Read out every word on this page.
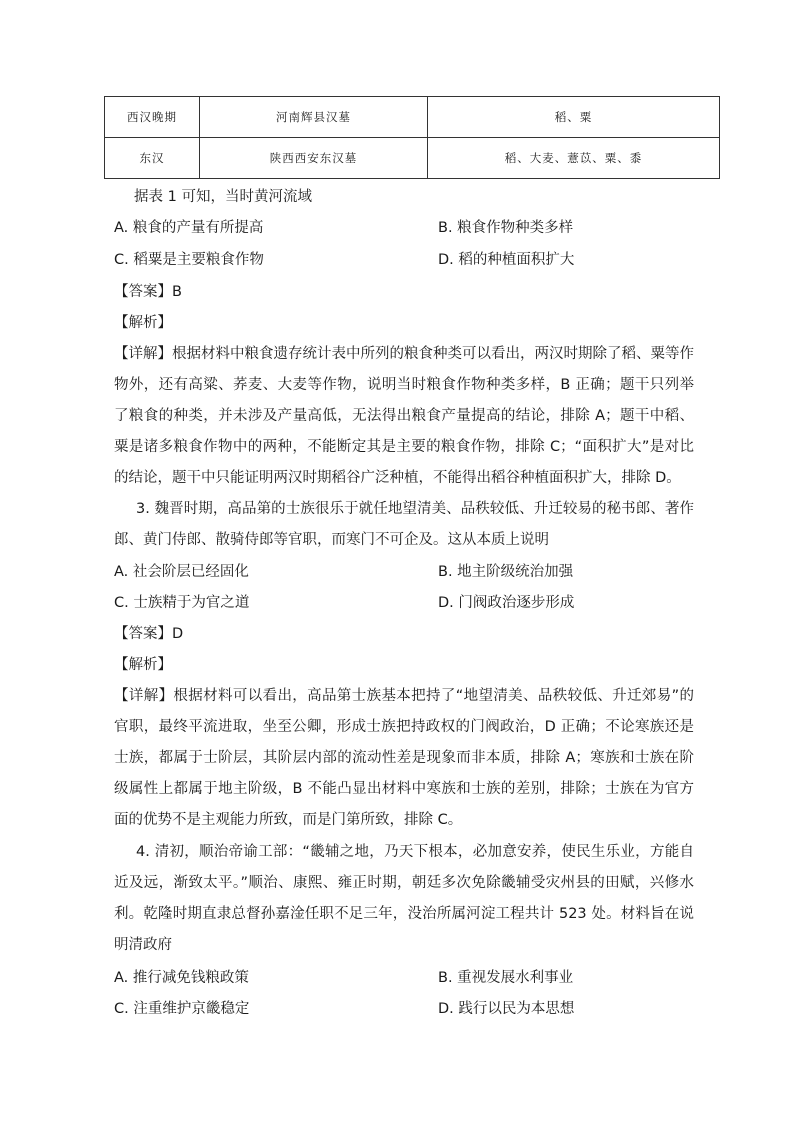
西汉晚期	河南辉县汉墓	稻、粟
东汉	陕西西安东汉墓	稻、大麦、薏苡、粟、黍
据表 1 可知，当时黄河流域
A. 粮食的产量有所提高	B. 粮食作物种类多样
C. 稻粟是主要粮食作物	D. 稻的种植面积扩大
【答案】B
【解析】
【详解】根据材料中粮食遗存统计表中所列的粮食种类可以看出，两汉时期除了稻、粟等作物外，还有高粱、荞麦、大麦等作物，说明当时粮食作物种类多样，B 正确；题干只列举了粮食的种类，并未涉及产量高低，无法得出粮食产量提高的结论，排除 A；题干中稻、粟是诸多粮食作物中的两种，不能断定其是主要的粮食作物，排除 C；“面积扩大”是对比的结论，题干中只能证明两汉时期稻谷广泛种植，不能得出稻谷种植面积扩大，排除 D。
3. 魏晋时期，高品第的士族很乐于就任地望清美、品秩较低、升迁较易的秘书郎、著作郎、黄门侍郎、散骑侍郎等官职，而寒门不可企及。这从本质上说明
A. 社会阶层已经固化	B. 地主阶级统治加强
C. 士族精于为官之道	D. 门阀政治逐步形成
【答案】D
【解析】
【详解】根据材料可以看出，高品第士族基本把持了“地望清美、品秩较低、升迁郊易”的官职，最终平流进取，坐至公卿，形成士族把持政权的门阀政治，D 正确；不论寒族还是士族，都属于士阶层，其阶层内部的流动性差是现象而非本质，排除 A；寒族和士族在阶级属性上都属于地主阶级，B 不能凸显出材料中寒族和士族的差别，排除；士族在为官方面的优势不是主观能力所致，而是门第所致，排除 C。
4. 清初，顺治帝谕工部：“畿辅之地，乃天下根本，必加意安养，使民生乐业，方能自近及远，渐致太平。”顺治、康熙、雍正时期，朝廷多次免除畿辅受灾州县的田赋，兴修水利。乾隆时期直隶总督孙嘉淦任职不足三年，没治所属河淀工程共计 523 处。材料旨在说明清政府
A. 推行减免钱粮政策	B. 重视发展水利事业
C. 注重维护京畿稳定	D. 践行以民为本思想
